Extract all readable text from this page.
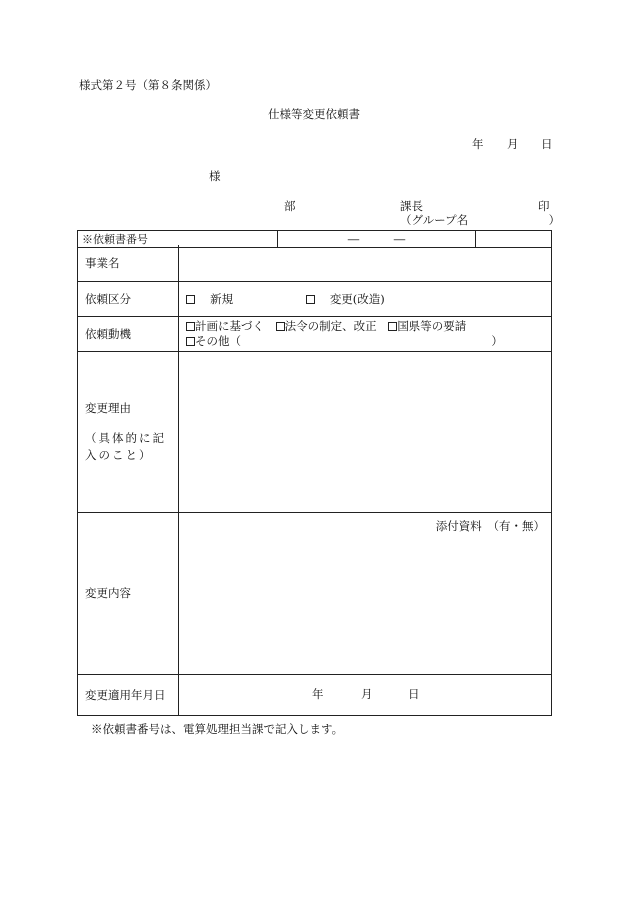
様式第２号（第８条関係）
仕様等変更依頼書
年 月 日
様
部	課長	印
（グループ名　　　　　　　）
※依頼書番号	―　　　―	
事業名	
依頼区分	　新規 　 変更(改造)
依頼動機	計画に基づく 法令の制定、改正 国県等の要請
その他（ ）

変更理由
（具体的に記入のこと）	

変更内容	添付資料　（有・無）

変更適用年月日	年 月 日
※依頼書番号は、電算処理担当課で記入します。
